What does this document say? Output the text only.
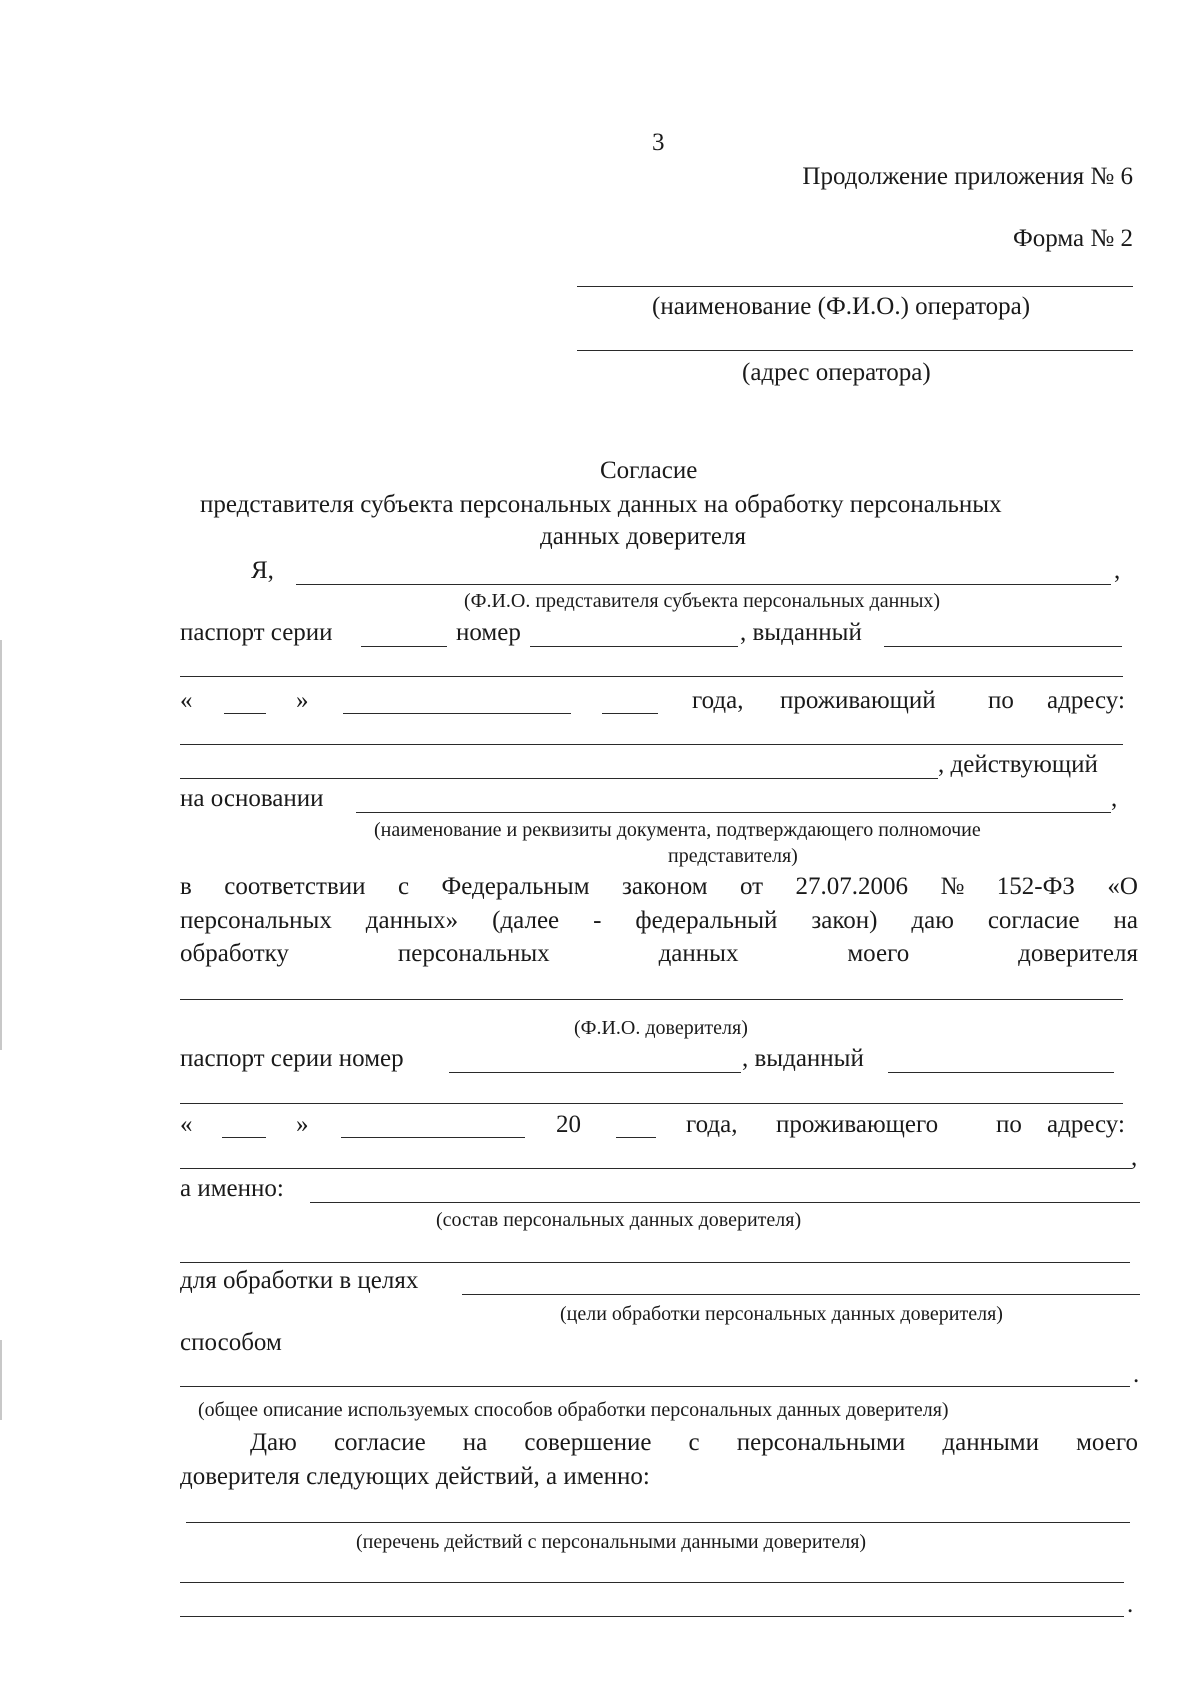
3
Продолжение приложения № 6
Форма № 2
(наименование (Ф.И.О.) оператора)
(адрес оператора)
Согласие
представителя субъекта персональных данных на обработку персональных
данных доверителя
Я,	,
(Ф.И.О. представителя субъекта персональных данных)
паспорт серии	номер	, выданный
«	»	года, проживающий по адресу:
, действующий
на основании	,
(наименование и реквизиты документа, подтверждающего полномочие
представителя)
в соответствии с Федеральным законом от 27.07.2006 № 152-ФЗ «О
персональных данных» (далее - федеральный закон) даю согласие на
обработку	персональных	данных	моего	доверителя
(Ф.И.О. доверителя)
паспорт серии номер	, выданный
«	»	20	года, проживающего по адресу:
,
а именно:
(состав персональных данных доверителя)
для обработки в целях
(цели обработки персональных данных доверителя)
способом
.
(общее описание используемых способов обработки персональных данных доверителя)
Даю согласие на совершение с персональными данными моего
доверителя следующих действий, а именно:
(перечень действий с персональными данными доверителя)
.
